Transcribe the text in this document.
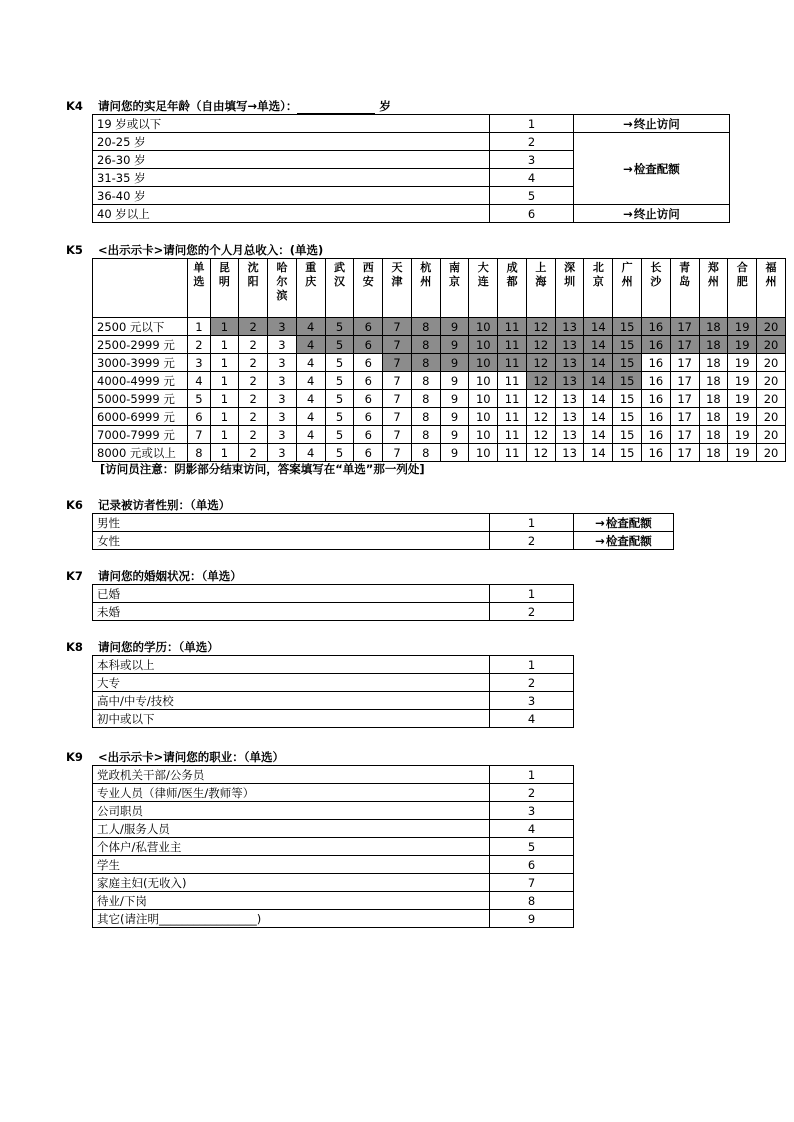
K4 请问您的实足年龄（自由填写→单选）：	岁
19 岁或以下	1	→终止访问
20-25 岁	2	→检查配额
26-30 岁	3	
31-35 岁	4	
36-40 岁	5	
40 岁以上	6	→终止访问
K5 <出示示卡>请问您的个人月总收入：(单选)

	单选	昆明	沈阳	哈尔滨	重庆	武汉	西安	天津	杭州	南京	大连	成都	上海	深圳	北京	广州	长沙	青岛	郑州	合肥	福州

2500 元以下	1	1	2	3	4	5	6	7	8	9	10	11	12	13	14	15	16	17	18	19	20
2500-2999 元	2	1	2	3	4	5	6	7	8	9	10	11	12	13	14	15	16	17	18	19	20
3000-3999 元	3	1	2	3	4	5	6	7	8	9	10	11	12	13	14	15	16	17	18	19	20
4000-4999 元	4	1	2	3	4	5	6	7	8	9	10	11	12	13	14	15	16	17	18	19	20
5000-5999 元	5	1	2	3	4	5	6	7	8	9	10	11	12	13	14	15	16	17	18	19	20
6000-6999 元	6	1	2	3	4	5	6	7	8	9	10	11	12	13	14	15	16	17	18	19	20
7000-7999 元	7	1	2	3	4	5	6	7	8	9	10	11	12	13	14	15	16	17	18	19	20
8000 元或以上	8	1	2	3	4	5	6	7	8	9	10	11	12	13	14	15	16	17	18	19	20
[访问员注意：阴影部分结束访问，答案填写在“单选”那一列处]
K6 记录被访者性别：（单选）
男性	1	→检查配额
女性	2	→检查配额
K7 请问您的婚姻状况：（单选）
已婚	1
未婚	2
K8 请问您的学历：（单选）
本科或以上	1
大专	2
高中/中专/技校	3
初中或以下	4
K9 <出示示卡>请问您的职业：（单选）
党政机关干部/公务员	1
专业人员（律师/医生/教师等）	2
公司职员	3
工人/服务人员	4
个体户/私营业主	5
学生	6
家庭主妇(无收入)	7
待业/下岗	8
其它(请注明_________________)	9
